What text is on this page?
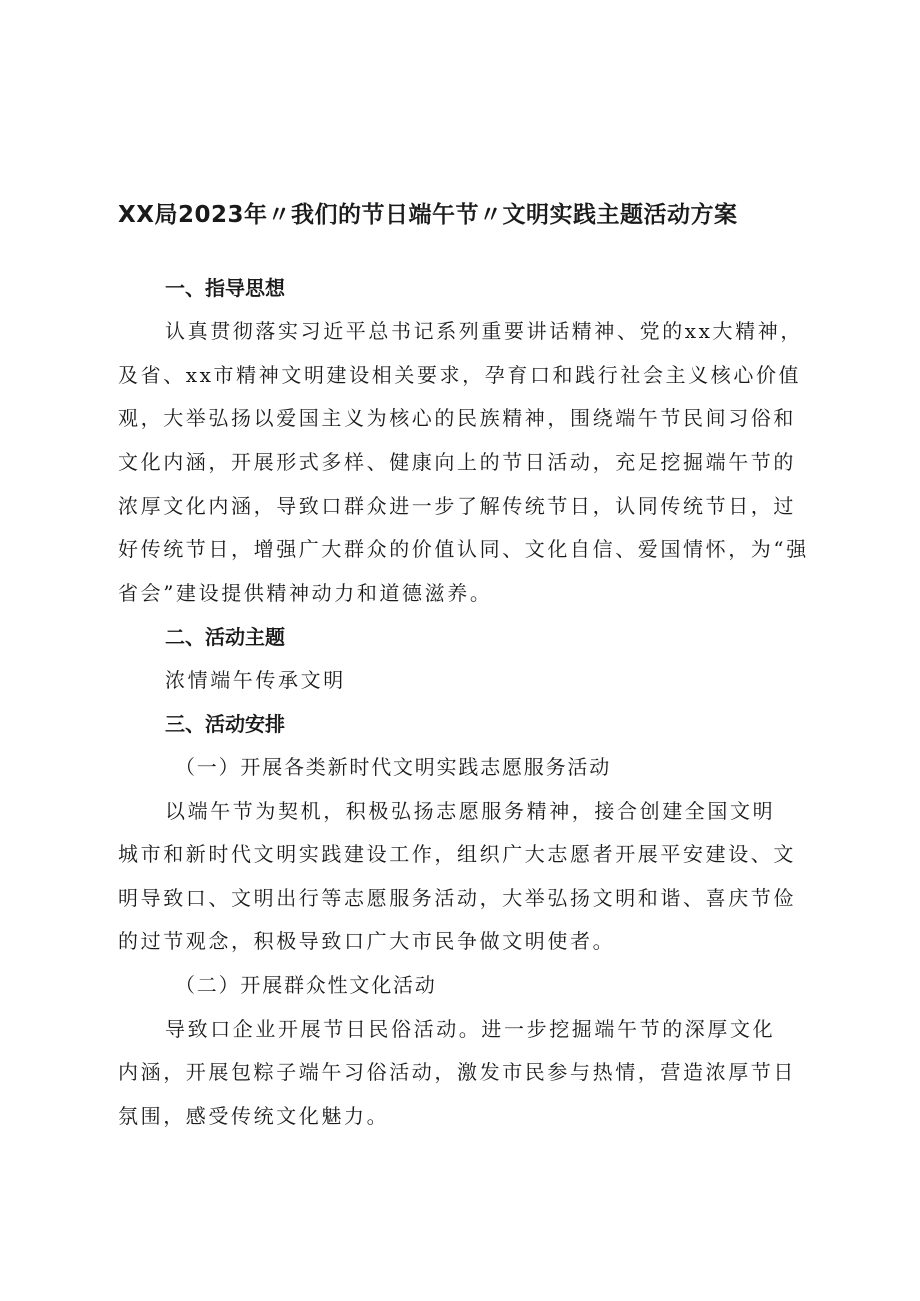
XX局2023年〃我们的节日端午节〃文明实践主题活动方案

一、指导思想

认真贯彻落实习近平总书记系列重要讲话精神、党的xx大精神，

及省、xx市精神文明建设相关要求，孕育口和践行社会主义核心价值

观，大举弘扬以爱国主义为核心的民族精神，围绕端午节民间习俗和

文化内涵，开展形式多样、健康向上的节日活动，充足挖掘端午节的

浓厚文化内涵，导致口群众进一步了解传统节日，认同传统节日，过

好传统节日，增强广大群众的价值认同、文化自信、爱国情怀，为“强

省会”建设提供精神动力和道德滋养。

二、活动主题

浓情端午传承文明

三、活动安排

（一）开展各类新时代文明实践志愿服务活动

以端午节为契机，积极弘扬志愿服务精神，接合创建全国文明

城市和新时代文明实践建设工作，组织广大志愿者开展平安建设、文

明导致口、文明出行等志愿服务活动，大举弘扬文明和谐、喜庆节俭

的过节观念，积极导致口广大市民争做文明使者。

（二）开展群众性文化活动

导致口企业开展节日民俗活动。进一步挖掘端午节的深厚文化

内涵，开展包粽子端午习俗活动，激发市民参与热情，营造浓厚节日

氛围，感受传统文化魅力。
